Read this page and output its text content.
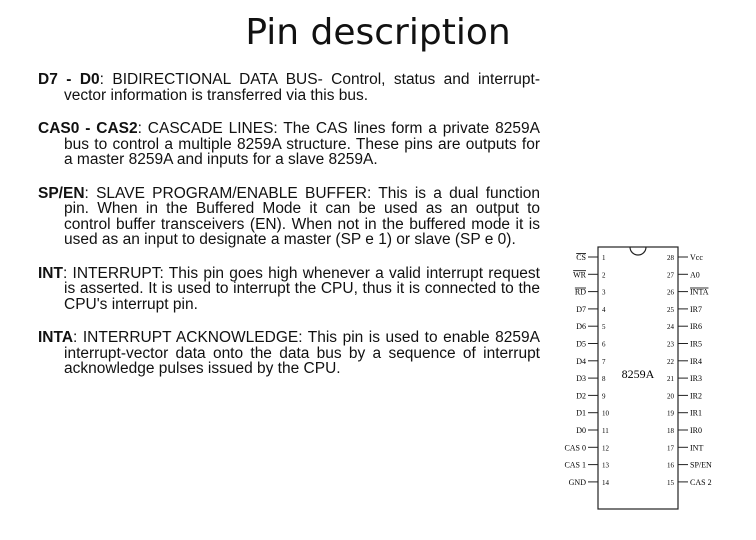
Pin description

D7 - D0: BIDIRECTIONAL DATA BUS- Control, status and interrupt-vector information is transferred via this bus.

CAS0 - CAS2: CASCADE LINES: The CAS lines form a private 8259A bus to control a multiple 8259A structure. These pins are outputs for a master 8259A and inputs for a slave 8259A.

SP/EN: SLAVE PROGRAM/ENABLE BUFFER: This is a dual function pin. When in the Buffered Mode it can be used as an output to control buffer transceivers (EN). When not in the buffered mode it is used as an input to designate a master (SP e 1) or slave (SP e 0).

INT: INTERRUPT: This pin goes high whenever a valid interrupt request is asserted. It is used to interrupt the CPU, thus it is connected to the CPU's interrupt pin.

INTA: INTERRUPT ACKNOWLEDGE: This pin is used to enable 8259A interrupt-vector data onto the data bus by a sequence of interrupt acknowledge pulses issued by the CPU.	8259A
CS 1
WR 2
RD 3
D7 4
D6 5
D5 6
D4 7
D3 8
D2 9
D1 10
D0 11
CAS 0 12
CAS 1 13
GND 14
Vcc
28
A0
27
INTA
26
IR7
25
IR6
24
IR5
23
IR4
22
IR3
21
IR2
20
IR1
19
IR0
18
INT
17
SP/EN
16
CAS 2
15
